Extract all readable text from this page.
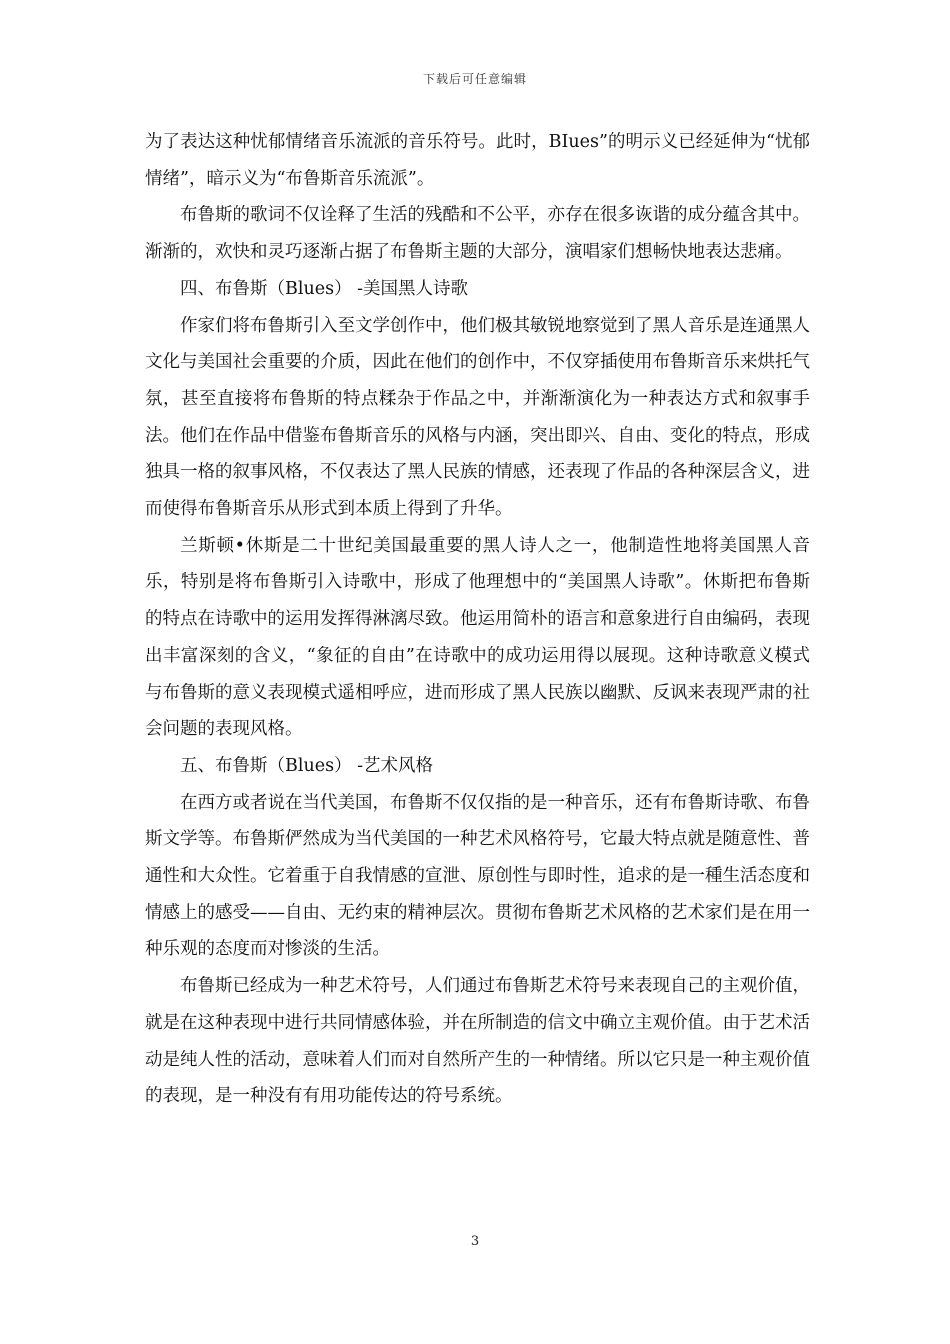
下载后可任意编辑

为了表达这种忧郁情绪音乐流派的音乐符号。此时，BIues”的明示义已经延伸为“忧郁情绪”，暗示义为“布鲁斯音乐流派”。

布鲁斯的歌词不仅诠释了生活的残酷和不公平，亦存在很多诙谐的成分蕴含其中。渐渐的，欢快和灵巧逐渐占据了布鲁斯主题的大部分，演唱家们想畅快地表达悲痛。

四、布鲁斯（Blues） -美国黑人诗歌

作家们将布鲁斯引入至文学创作中，他们极其敏锐地察觉到了黑人音乐是连通黑人文化与美国社会重要的介质，因此在他们的创作中，不仅穿插使用布鲁斯音乐来烘托气氛，甚至直接将布鲁斯的特点糅杂于作品之中，并渐渐演化为一种表达方式和叙事手法。他们在作品中借鉴布鲁斯音乐的风格与内涵，突出即兴、自由、变化的特点，形成独具一格的叙事风格，不仅表达了黑人民族的情感，还表现了作品的各种深层含义，进而使得布鲁斯音乐从形式到本质上得到了升华。

兰斯顿•休斯是二十世纪美国最重要的黑人诗人之一，他制造性地将美国黑人音乐，特别是将布鲁斯引入诗歌中，形成了他理想中的“美国黑人诗歌”。休斯把布鲁斯的特点在诗歌中的运用发挥得淋漓尽致。他运用简朴的语言和意象进行自由编码，表现出丰富深刻的含义，“象征的自由”在诗歌中的成功运用得以展现。这种诗歌意义模式与布鲁斯的意义表现模式遥相呼应，进而形成了黑人民族以幽默、反讽来表现严肃的社会问题的表现风格。

五、布鲁斯（Blues） -艺术风格

在西方或者说在当代美国，布鲁斯不仅仅指的是一种音乐，还有布鲁斯诗歌、布鲁斯文学等。布鲁斯俨然成为当代美国的一种艺术风格符号，它最大特点就是随意性、普通性和大众性。它着重于自我情感的宣泄、原创性与即时性，追求的是一種生活态度和情感上的感受——自由、无约束的精神层次。贯彻布鲁斯艺术风格的艺术家们是在用一种乐观的态度而对惨淡的生活。

布鲁斯已经成为一种艺术符号，人们通过布鲁斯艺术符号来表现自己的主观价值，就是在这种表现中进行共同情感体验，并在所制造的信文中确立主观价值。由于艺术活动是纯人性的活动，意味着人们而对自然所产生的一种情绪。所以它只是一种主观价值的表现，是一种没有有用功能传达的符号系统。

3
